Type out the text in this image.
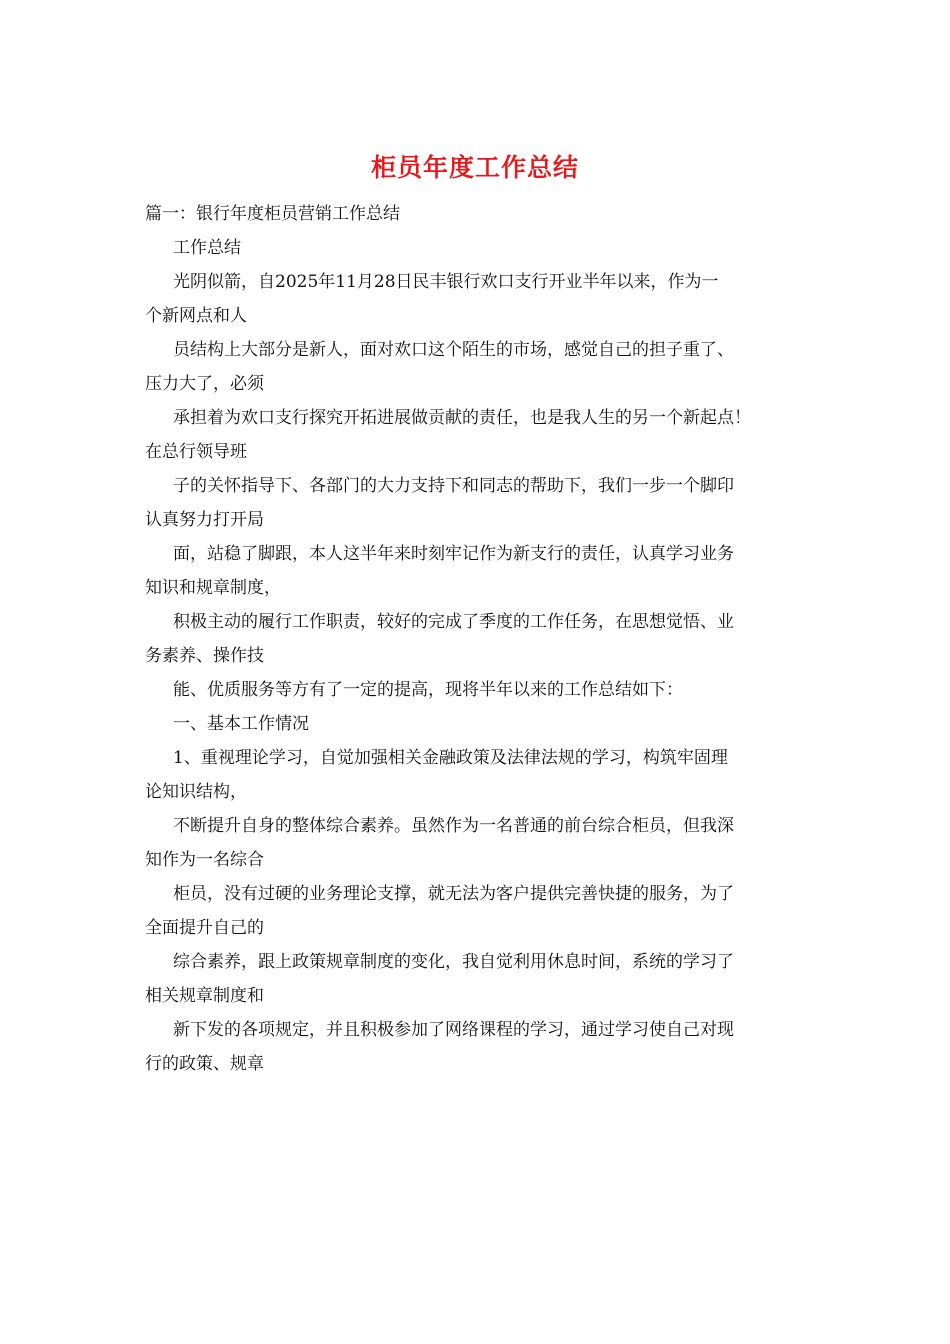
柜员年度工作总结
篇一：银行年度柜员营销工作总结
工作总结
光阴似箭，自2025年11月28日民丰银行欢口支行开业半年以来，作为一
个新网点和人
员结构上大部分是新人，面对欢口这个陌生的市场，感觉自己的担子重了、
压力大了，必须
承担着为欢口支行探究开拓进展做贡献的责任，也是我人生的另一个新起点！
在总行领导班
子的关怀指导下、各部门的大力支持下和同志的帮助下，我们一步一个脚印
认真努力打开局
面，站稳了脚跟，本人这半年来时刻牢记作为新支行的责任，认真学习业务
知识和规章制度，
积极主动的履行工作职责，较好的完成了季度的工作任务，在思想觉悟、业
务素养、操作技
能、优质服务等方有了一定的提高，现将半年以来的工作总结如下：
一、基本工作情况
1、重视理论学习，自觉加强相关金融政策及法律法规的学习，构筑牢固理
论知识结构，
不断提升自身的整体综合素养。虽然作为一名普通的前台综合柜员，但我深
知作为一名综合
柜员，没有过硬的业务理论支撑，就无法为客户提供完善快捷的服务，为了
全面提升自己的
综合素养，跟上政策规章制度的变化，我自觉利用休息时间，系统的学习了
相关规章制度和
新下发的各项规定，并且积极参加了网络课程的学习，通过学习使自己对现
行的政策、规章
